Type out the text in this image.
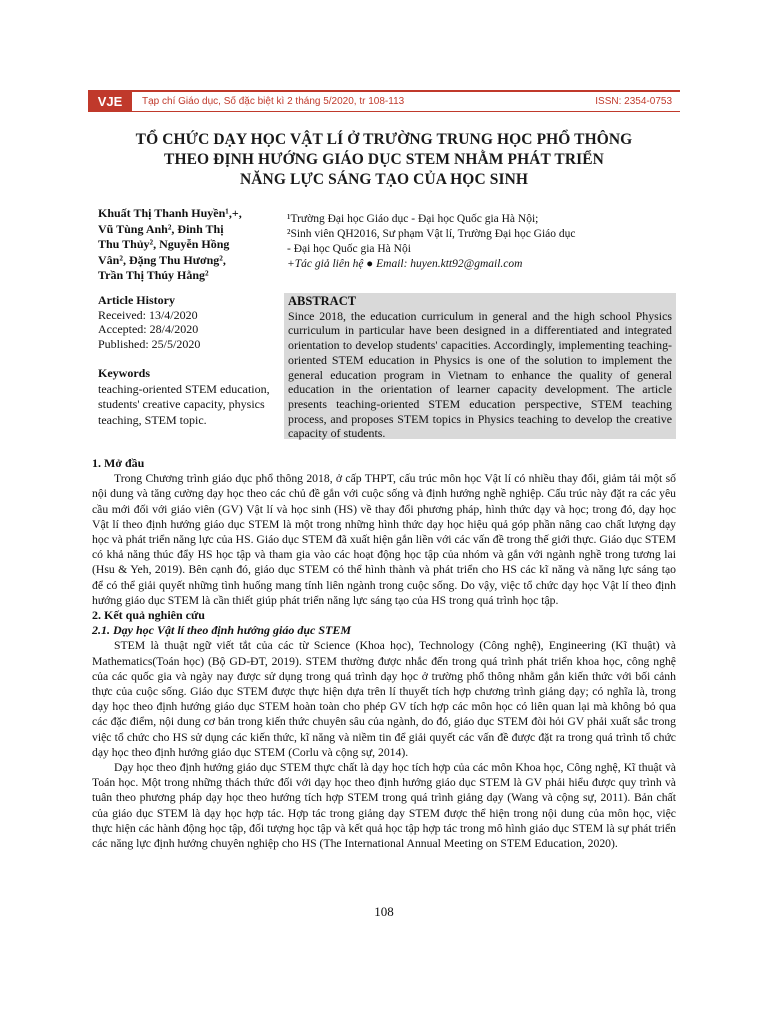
VJE	Tạp chí Giáo dục, Số đặc biệt kì 2 tháng 5/2020, tr 108-113	ISSN: 2354-0753
TỔ CHỨC DẠY HỌC VẬT LÍ Ở TRƯỜNG TRUNG HỌC PHỔ THÔNG
THEO ĐỊNH HƯỚNG GIÁO DỤC STEM NHẰM PHÁT TRIỂN
NĂNG LỰC SÁNG TẠO CỦA HỌC SINH
Khuất Thị Thanh Huyền¹,+,
Vũ Tùng Anh², Đinh Thị
Thu Thủy², Nguyễn Hồng
Vân², Đặng Thu Hương²,
Trần Thị Thúy Hằng²
¹Trường Đại học Giáo dục - Đại học Quốc gia Hà Nội;
²Sinh viên QH2016, Sư phạm Vật lí, Trường Đại học Giáo dục
- Đại học Quốc gia Hà Nội
+Tác giả liên hệ ● Email: huyen.ktt92@gmail.com
Article History
Received: 13/4/2020
Accepted: 28/4/2020
Published: 25/5/2020
Keywords
teaching-oriented STEM education, students' creative capacity, physics teaching, STEM topic.
ABSTRACT
Since 2018, the education curriculum in general and the high school Physics curriculum in particular have been designed in a differentiated and integrated orientation to develop students' capacities. Accordingly, implementing teaching-oriented STEM education in Physics is one of the solution to implement the general education program in Vietnam to enhance the quality of general education in the orientation of learner capacity development. The article presents teaching-oriented STEM education perspective, STEM teaching process, and proposes STEM topics in Physics teaching to develop the creative capacity of students.
1. Mở đầu

Trong Chương trình giáo dục phổ thông 2018, ở cấp THPT, cấu trúc môn học Vật lí có nhiều thay đổi, giảm tải một số nội dung và tăng cường dạy học theo các chủ đề gắn với cuộc sống và định hướng nghề nghiệp. Cấu trúc này đặt ra các yêu cầu mới đối với giáo viên (GV) Vật lí và học sinh (HS) về thay đổi phương pháp, hình thức dạy và học; trong đó, dạy học Vật lí theo định hướng giáo dục STEM là một trong những hình thức dạy học hiệu quả góp phần nâng cao chất lượng dạy học và phát triển năng lực của HS. Giáo dục STEM đã xuất hiện gắn liền với các vấn đề trong thế giới thực. Giáo dục STEM có khả năng thúc đẩy HS học tập và tham gia vào các hoạt động học tập của nhóm và gắn với ngành nghề trong tương lai (Hsu & Yeh, 2019). Bên cạnh đó, giáo dục STEM có thể hình thành và phát triển cho HS các kĩ năng và năng lực sáng tạo để có thể giải quyết những tình huống mang tính liên ngành trong cuộc sống. Do vậy, việc tổ chức dạy học Vật lí theo định hướng giáo dục STEM là cần thiết giúp phát triển năng lực sáng tạo của HS trong quá trình học tập.

2. Kết quả nghiên cứu
2.1. Dạy học Vật lí theo định hướng giáo dục STEM

STEM là thuật ngữ viết tắt của các từ Science (Khoa học), Technology (Công nghệ), Engineering (Kĩ thuật) và Mathematics(Toán học) (Bộ GD-ĐT, 2019). STEM thường được nhắc đến trong quá trình phát triển khoa học, công nghệ của các quốc gia và ngày nay được sử dụng trong quá trình dạy học ở trường phổ thông nhằm gắn kiến thức với bối cảnh thực của cuộc sống. Giáo dục STEM được thực hiện dựa trên lí thuyết tích hợp chương trình giảng dạy; có nghĩa là, trong dạy học theo định hướng giáo dục STEM hoàn toàn cho phép GV tích hợp các môn học có liên quan lại mà không bỏ qua các đặc điểm, nội dung cơ bản trong kiến thức chuyên sâu của ngành, do đó, giáo dục STEM đòi hỏi GV phải xuất sắc trong việc tổ chức cho HS sử dụng các kiến thức, kĩ năng và niềm tin để giải quyết các vấn đề được đặt ra trong quá trình tổ chức dạy học theo định hướng giáo dục STEM (Corlu và cộng sự, 2014).

Dạy học theo định hướng giáo dục STEM thực chất là dạy học tích hợp của các môn Khoa học, Công nghệ, Kĩ thuật và Toán học. Một trong những thách thức đối với dạy học theo định hướng giáo dục STEM là GV phải hiểu được quy trình và tuân theo phương pháp dạy học theo hướng tích hợp STEM trong quá trình giảng dạy (Wang và cộng sự, 2011). Bản chất của giáo dục STEM là dạy học hợp tác. Hợp tác trong giảng dạy STEM được thể hiện trong nội dung của môn học, việc thực hiện các hành động học tập, đối tượng học tập và kết quả học tập hợp tác trong mô hình giáo dục STEM là sự phát triển các năng lực định hướng chuyên nghiệp cho HS (The International Annual Meeting on STEM Education, 2020).

108
